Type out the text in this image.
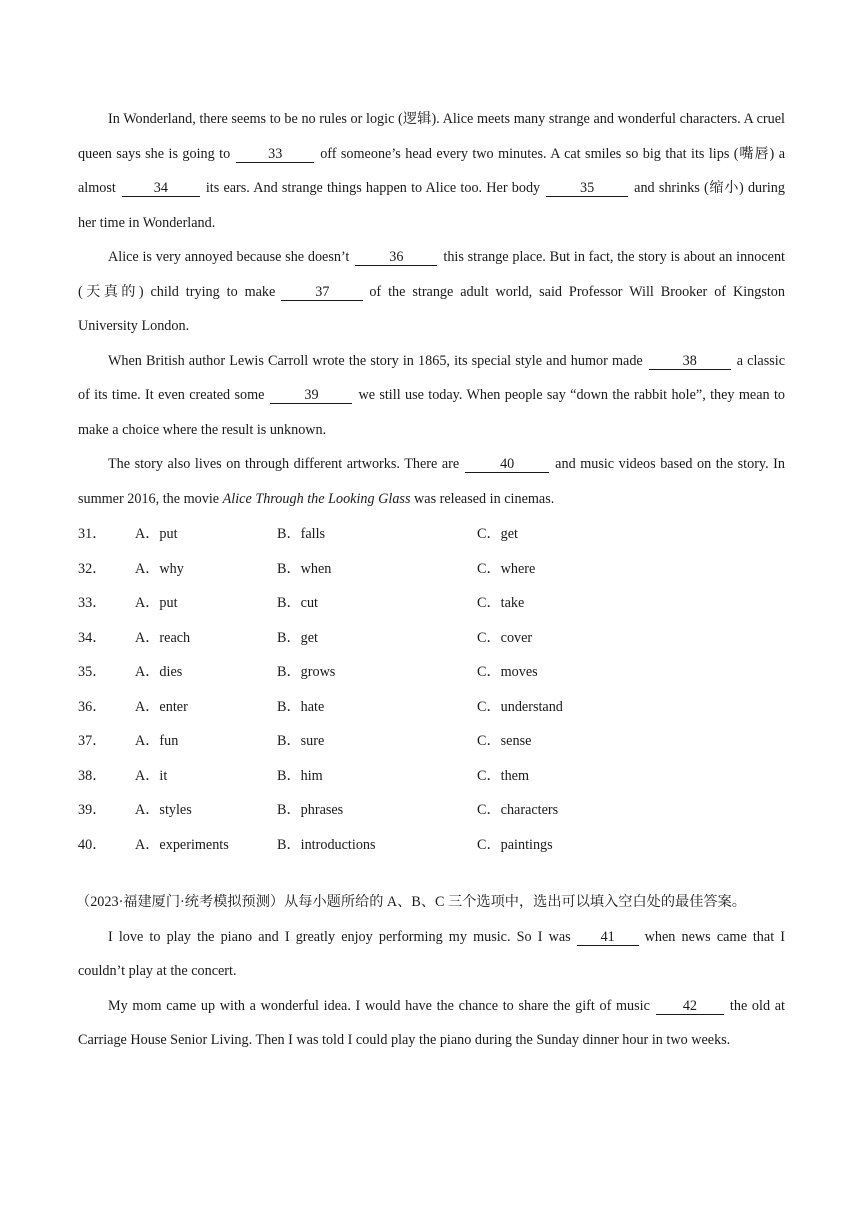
In Wonderland, there seems to be no rules or logic (逻辑). Alice meets many strange and wonderful characters. A cruel queen says she is going to	33	off someone’s head every two minutes. A cat smiles so big that its lips (嘴唇) a almost	34	its ears. And strange things happen to Alice too. Her body	35	and shrinks (缩小) during her time in Wonderland.

Alice is very annoyed because she doesn’t	36	this strange place. But in fact, the story is about an innocent (天真的) child trying to make	37	of the strange adult world, said Professor Will Brooker of Kingston University London.

When British author Lewis Carroll wrote the story in 1865, its special style and humor made	38	a classic of its time. It even created some	39	we still use today. When people say “down the rabbit hole”, they mean to make a choice where the result is unknown.

The story also lives on through different artworks. There are	40	and music videos based on the story. In summer 2016, the movie Alice Through the Looking Glass was released in cinemas.

31．	A．put	B．falls	C．get
32．	A．why	B．when	C．where
33．	A．put	B．cut	C．take
34．	A．reach	B．get	C．cover
35．	A．dies	B．grows	C．moves
36．	A．enter	B．hate	C．understand
37．	A．fun	B．sure	C．sense
38．	A．it	B．him	C．them
39．	A．styles	B．phrases	C．characters
40．	A．experiments	B．introductions	C．paintings

（2023·福建厦门·统考模拟预测）从每小题所给的 A、B、C 三个选项中，选出可以填入空白处的最佳答案。

I love to play the piano and I greatly enjoy performing my music. So I was 41 when news came that I couldn’t play at the concert.

My mom came up with a wonderful idea. I would have the chance to share the gift of music 42 the old at Carriage House Senior Living. Then I was told I could play the piano during the Sunday dinner hour in two weeks.
